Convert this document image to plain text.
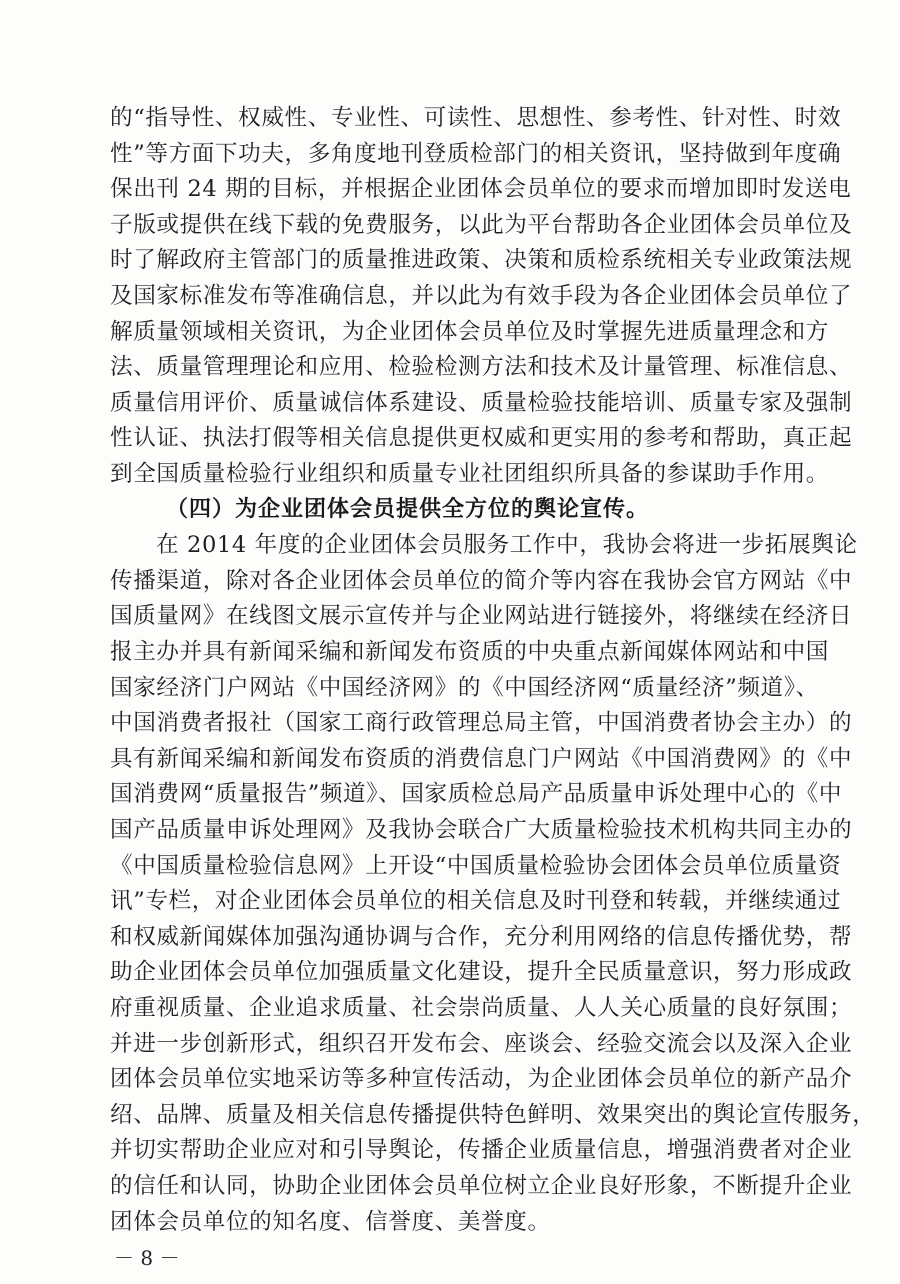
的“指导性、权威性、专业性、可读性、思想性、参考性、针对性、时效
性”等方面下功夫，多角度地刊登质检部门的相关资讯，坚持做到年度确
保出刊 24 期的目标，并根据企业团体会员单位的要求而增加即时发送电
子版或提供在线下载的免费服务，以此为平台帮助各企业团体会员单位及
时了解政府主管部门的质量推进政策、决策和质检系统相关专业政策法规
及国家标准发布等准确信息，并以此为有效手段为各企业团体会员单位了
解质量领域相关资讯，为企业团体会员单位及时掌握先进质量理念和方
法、质量管理理论和应用、检验检测方法和技术及计量管理、标准信息、
质量信用评价、质量诚信体系建设、质量检验技能培训、质量专家及强制
性认证、执法打假等相关信息提供更权威和更实用的参考和帮助，真正起
到全国质量检验行业组织和质量专业社团组织所具备的参谋助手作用。
（四）为企业团体会员提供全方位的舆论宣传。
在 2014 年度的企业团体会员服务工作中，我协会将进一步拓展舆论
传播渠道，除对各企业团体会员单位的简介等内容在我协会官方网站《中
国质量网》在线图文展示宣传并与企业网站进行链接外，将继续在经济日
报主办并具有新闻采编和新闻发布资质的中央重点新闻媒体网站和中国
国家经济门户网站《中国经济网》的《中国经济网“质量经济”频道》、
中国消费者报社（国家工商行政管理总局主管，中国消费者协会主办）的
具有新闻采编和新闻发布资质的消费信息门户网站《中国消费网》的《中
国消费网“质量报告”频道》、国家质检总局产品质量申诉处理中心的《中
国产品质量申诉处理网》及我协会联合广大质量检验技术机构共同主办的
《中国质量检验信息网》上开设“中国质量检验协会团体会员单位质量资
讯”专栏，对企业团体会员单位的相关信息及时刊登和转载，并继续通过
和权威新闻媒体加强沟通协调与合作，充分利用网络的信息传播优势，帮
助企业团体会员单位加强质量文化建设，提升全民质量意识，努力形成政
府重视质量、企业追求质量、社会崇尚质量、人人关心质量的良好氛围；
并进一步创新形式，组织召开发布会、座谈会、经验交流会以及深入企业
团体会员单位实地采访等多种宣传活动，为企业团体会员单位的新产品介
绍、品牌、质量及相关信息传播提供特色鲜明、效果突出的舆论宣传服务，
并切实帮助企业应对和引导舆论，传播企业质量信息，增强消费者对企业
的信任和认同，协助企业团体会员单位树立企业良好形象，不断提升企业
团体会员单位的知名度、信誉度、美誉度。
－ 8 －
